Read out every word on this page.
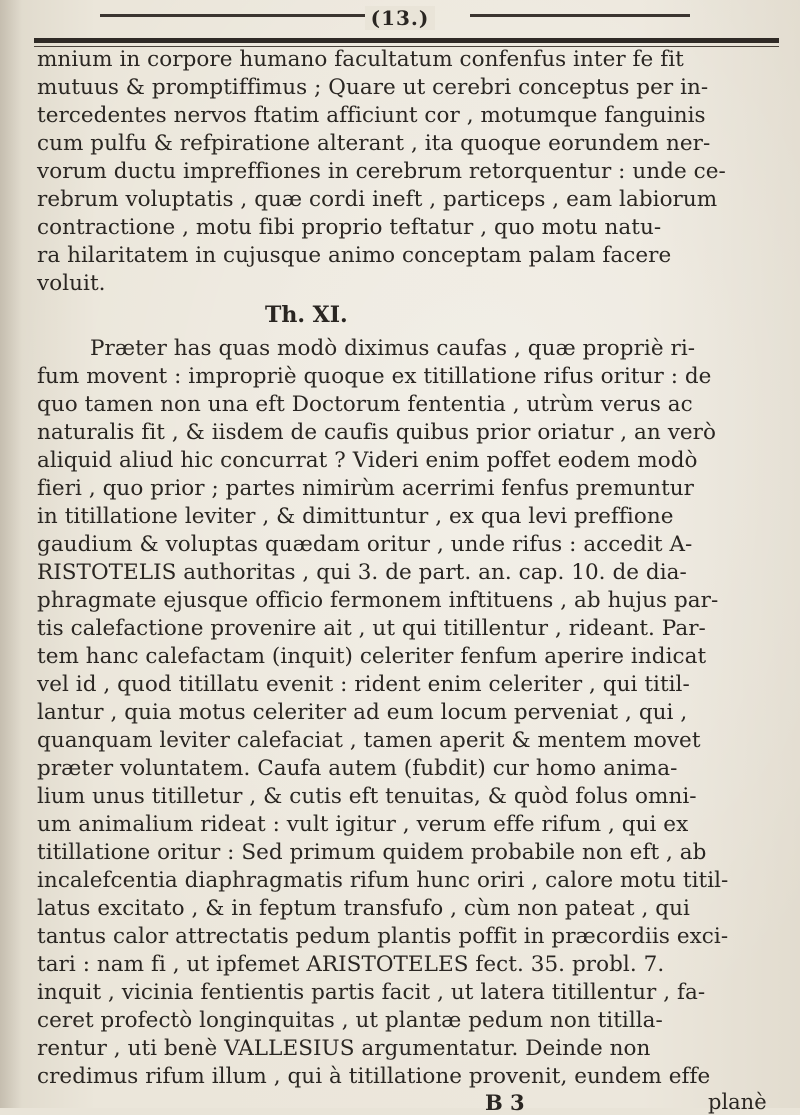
(13.)
mnium in corpore humano facultatum confenfus inter fe fit
mutuus & promptiffimus ; Quare ut cerebri conceptus per in-
tercedentes nervos ftatim afficiunt cor , motumque fanguinis
cum pulfu & refpiratione alterant , ita quoque eorundem ner-
vorum ductu impreffiones in cerebrum retorquentur : unde ce-
rebrum voluptatis , quæ cordi ineft , particeps , eam labiorum
contractione , motu fibi proprio teftatur , quo motu natu-
ra hilaritatem in cujusque animo conceptam palam facere
voluit.
Th. XI.
Præter has quas modò diximus caufas , quæ propriè ri-
fum movent : impropriè quoque ex titillatione rifus oritur : de
quo tamen non una eft Doctorum fententia , utrùm verus ac
naturalis fit , & iisdem de caufis quibus prior oriatur , an verò
aliquid aliud hic concurrat ? Videri enim poffet eodem modò
fieri , quo prior ; partes nimirùm acerrimi fenfus premuntur
in titillatione leviter , & dimittuntur , ex qua levi preffione
gaudium & voluptas quædam oritur , unde rifus : accedit A-
RISTOTELIS authoritas , qui 3. de part. an. cap. 10. de dia-
phragmate ejusque officio fermonem inftituens , ab hujus par-
tis calefactione provenire ait , ut qui titillentur , rideant. Par-
tem hanc calefactam (inquit) celeriter fenfum aperire indicat
vel id , quod titillatu evenit : rident enim celeriter , qui titil-
lantur , quia motus celeriter ad eum locum perveniat , qui ,
quanquam leviter calefaciat , tamen aperit & mentem movet
præter voluntatem. Caufa autem (fubdit) cur homo anima-
lium unus titilletur , & cutis eft tenuitas, & quòd folus omni-
um animalium rideat : vult igitur , verum effe rifum , qui ex
titillatione oritur : Sed primum quidem probabile non eft , ab
incalefcentia diaphragmatis rifum hunc oriri , calore motu titil-
latus excitato , & in feptum transfufo , cùm non pateat , qui
tantus calor attrectatis pedum plantis poffit in præcordiis exci-
tari : nam fi , ut ipfemet ARISTOTELES fect. 35. probl. 7.
inquit , vicinia fentientis partis facit , ut latera titillentur , fa-
ceret profectò longinquitas , ut plantæ pedum non titilla-
rentur , uti benè VALLESIUS argumentatur. Deinde non
credimus rifum illum , qui à titillatione provenit, eundem effe
B 3	planè
